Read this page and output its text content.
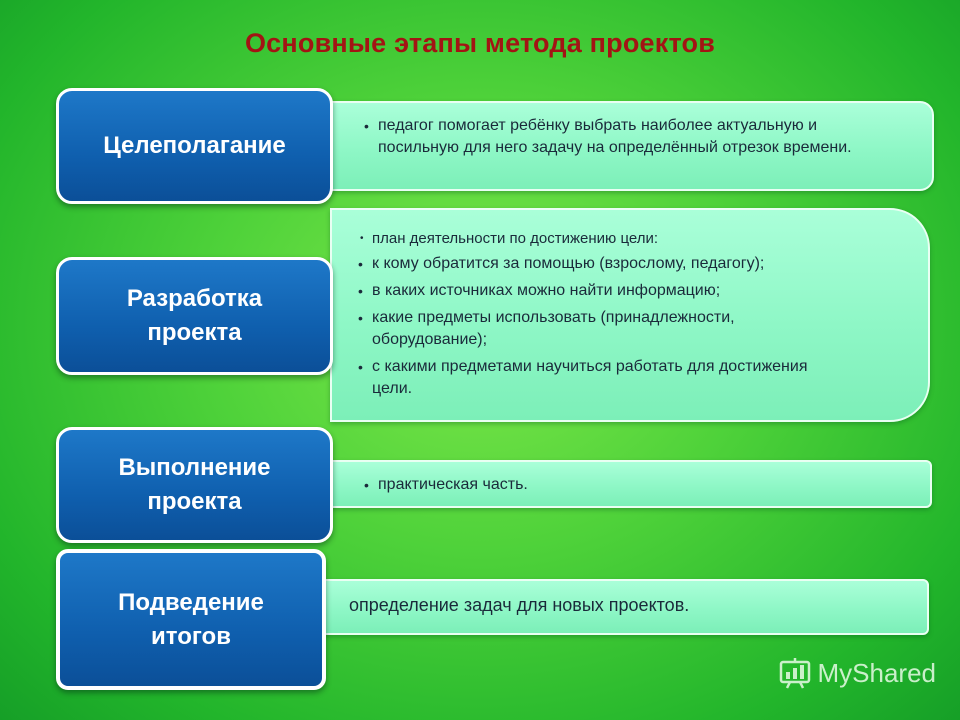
Основные этапы метода проектов
• педагог помогает ребёнку выбрать наиболее актуальную и посильную для него задачу на определённый отрезок времени.
Целеполагание
• план деятельности по достижению цели:
• к кому обратится за помощью (взрослому, педагогу);
• в каких источниках можно найти информацию;
• какие предметы использовать (принадлежности, оборудование);
• с какими предметами научиться работать для достижения цели.
Разработка
проекта
• практическая часть.
Выполнение
проекта
определение задач для новых проектов.
Подведение
итогов
MyShared
